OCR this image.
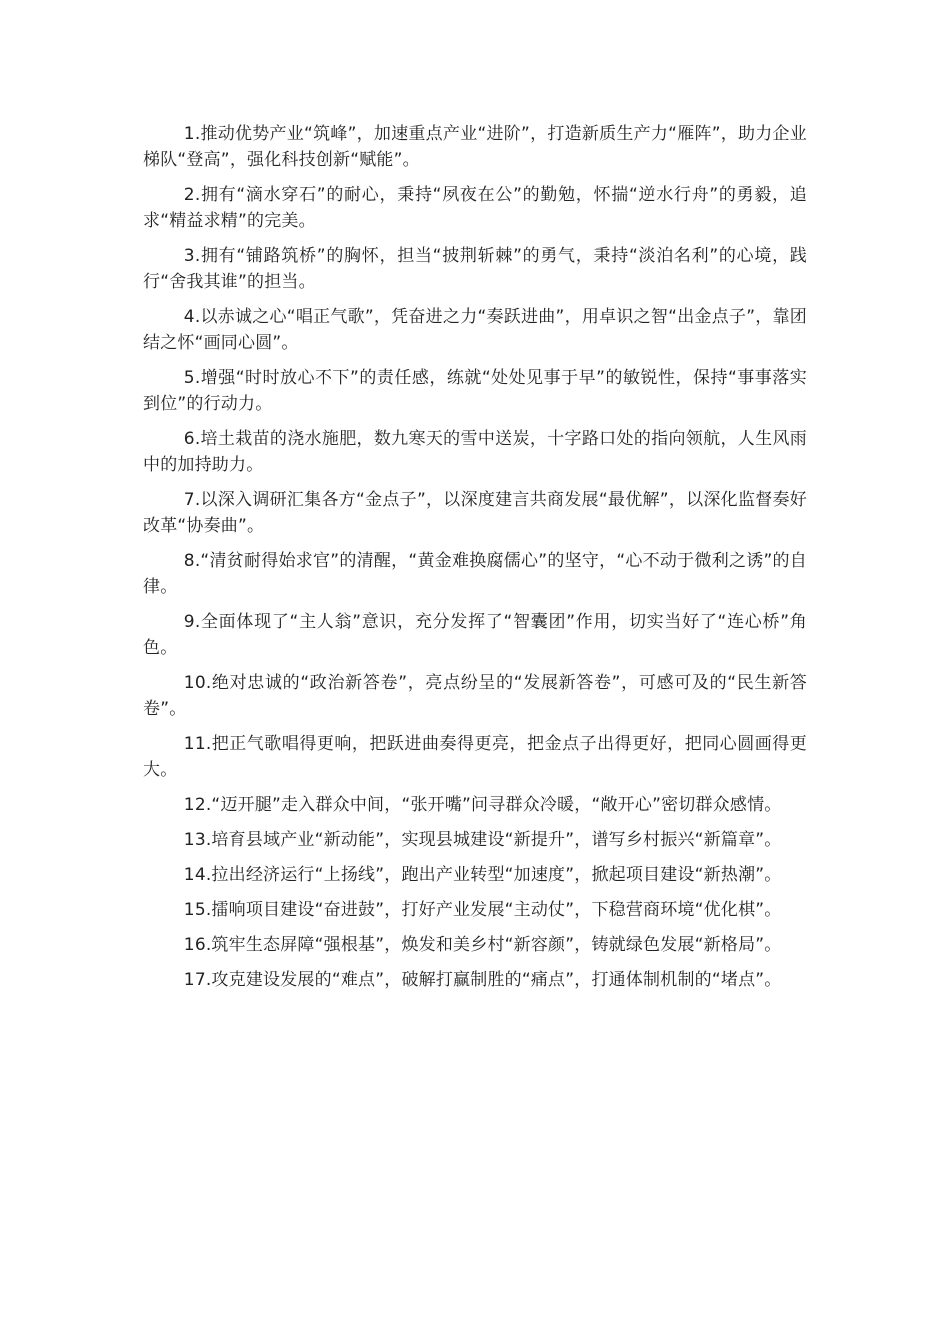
1.推动优势产业“筑峰”，加速重点产业“进阶”，打造新质生产力“雁阵”，助力企业梯队“登高”，强化科技创新“赋能”。

2.拥有“滴水穿石”的耐心，秉持“夙夜在公”的勤勉，怀揣“逆水行舟”的勇毅，追求“精益求精”的完美。

3.拥有“铺路筑桥”的胸怀，担当“披荆斩棘”的勇气，秉持“淡泊名利”的心境，践行“舍我其谁”的担当。

4.以赤诚之心“唱正气歌”，凭奋进之力“奏跃进曲”，用卓识之智“出金点子”，靠团结之怀“画同心圆”。

5.增强“时时放心不下”的责任感，练就“处处见事于早”的敏锐性，保持“事事落实到位”的行动力。

6.培土栽苗的浇水施肥，数九寒天的雪中送炭，十字路口处的指向领航，人生风雨中的加持助力。

7.以深入调研汇集各方“金点子”，以深度建言共商发展“最优解”，以深化监督奏好改革“协奏曲”。

8.“清贫耐得始求官”的清醒，“黄金难换腐儒心”的坚守，“心不动于微利之诱”的自律。

9.全面体现了“主人翁”意识，充分发挥了“智囊团”作用，切实当好了“连心桥”角色。

10.绝对忠诚的“政治新答卷”，亮点纷呈的“发展新答卷”，可感可及的“民生新答卷”。

11.把正气歌唱得更响，把跃进曲奏得更亮，把金点子出得更好，把同心圆画得更大。

12.“迈开腿”走入群众中间，“张开嘴”问寻群众冷暖，“敞开心”密切群众感情。

13.培育县域产业“新动能”，实现县城建设“新提升”，谱写乡村振兴“新篇章”。

14.拉出经济运行“上扬线”，跑出产业转型“加速度”，掀起项目建设“新热潮”。

15.擂响项目建设“奋进鼓”，打好产业发展“主动仗”，下稳营商环境“优化棋”。

16.筑牢生态屏障“强根基”，焕发和美乡村“新容颜”，铸就绿色发展“新格局”。

17.攻克建设发展的“难点”，破解打赢制胜的“痛点”，打通体制机制的“堵点”。
